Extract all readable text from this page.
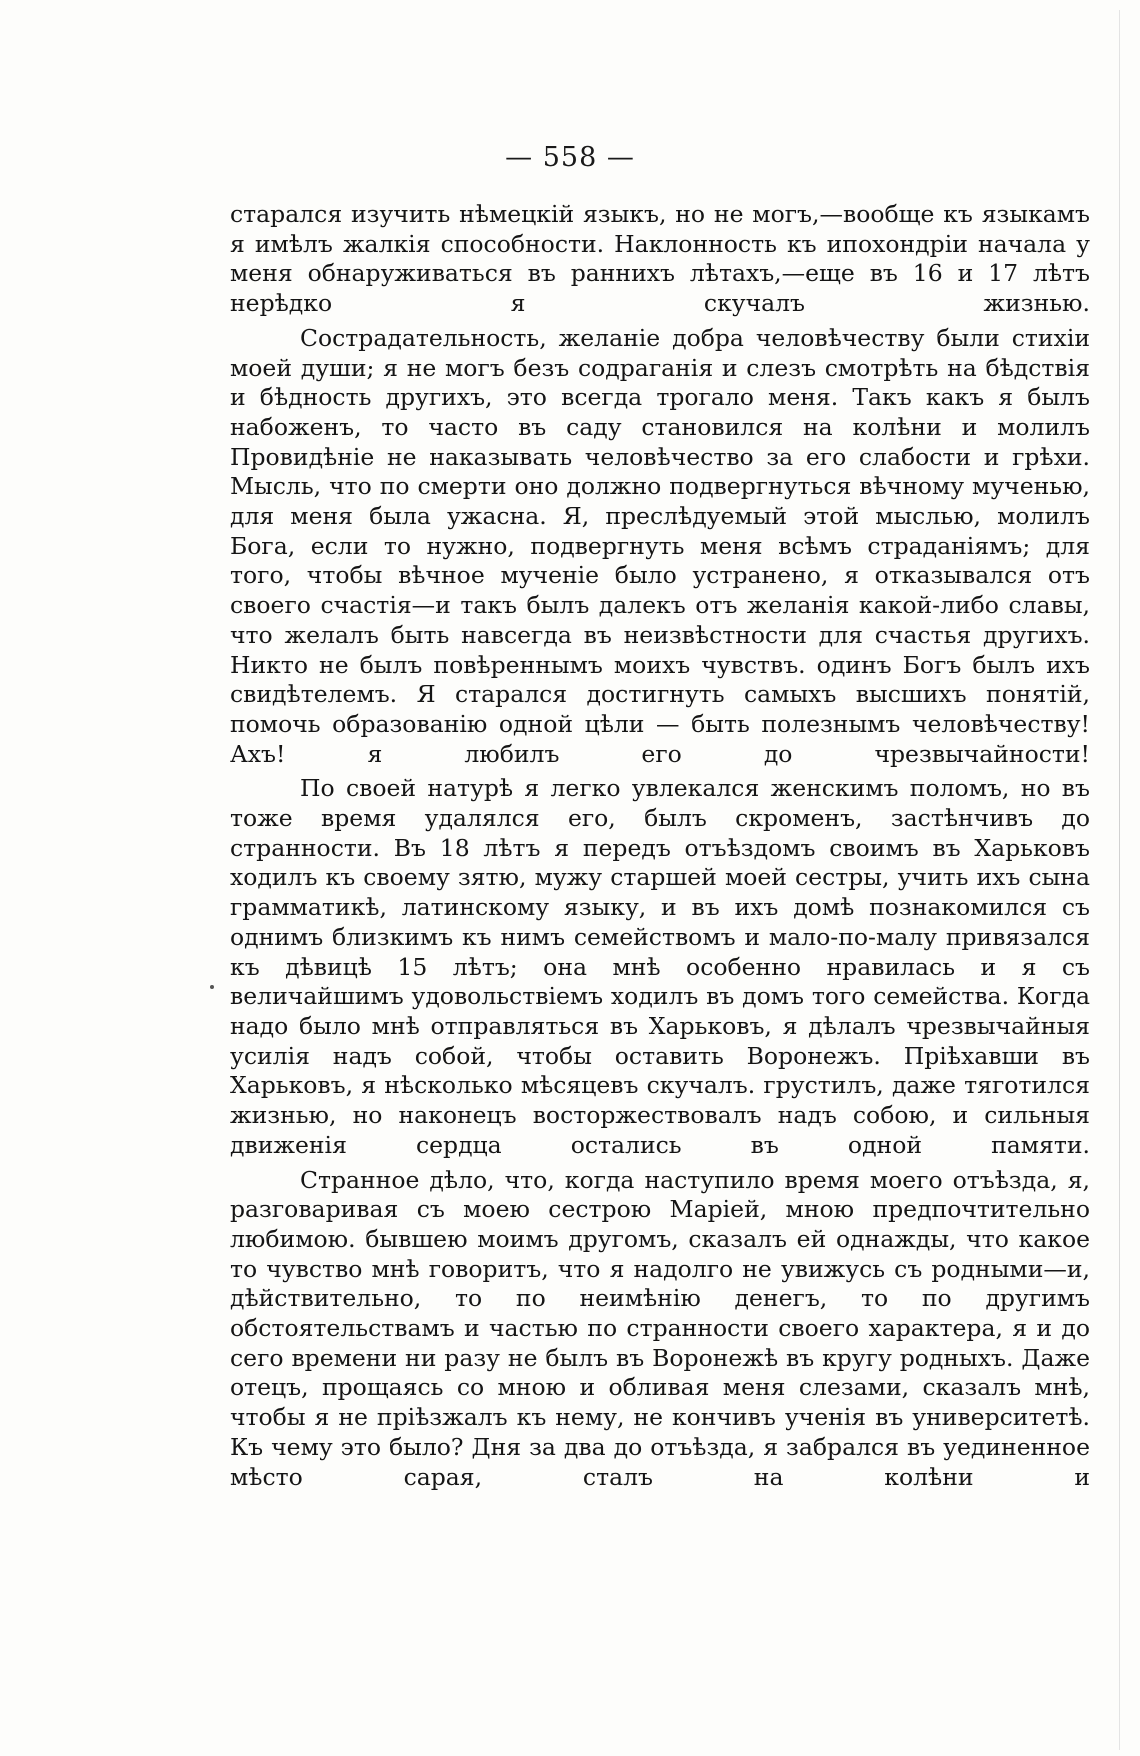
— 558 —

старался изучить нѣмецкій языкъ, но не могъ,—вообще къ языкамъ я имѣлъ жалкія способности. Наклонность къ ипохондріи начала у меня обнаруживаться въ раннихъ лѣтахъ,—еще въ 16 и 17 лѣтъ нерѣдко я скучалъ жизнью.

Сострадательность, желаніе добра человѣчеству были стихіи моей души; я не могъ безъ содраганія и слезъ смотрѣть на бѣдствія и бѣдность другихъ, это всегда трогало меня. Такъ какъ я былъ набоженъ, то часто въ саду становился на колѣни и молилъ Провидѣніе не наказывать человѣчество за его слабости и грѣхи. Мысль, что по смерти оно должно подвергнуться вѣчному мученью, для меня была ужасна. Я, преслѣдуемый этой мыслью, молилъ Бога, если то нужно, подвергнуть меня всѣмъ страданіямъ; для того, чтобы вѣчное мученіе было устранено, я отказывался отъ своего счастія—и такъ былъ далекъ отъ желанія какой-либо славы, что желалъ быть навсегда въ неизвѣстности для счастья другихъ. Никто не былъ повѣреннымъ моихъ чувствъ. одинъ Богъ былъ ихъ свидѣтелемъ. Я старался достигнуть самыхъ высшихъ понятій, помочь образованію одной цѣли — быть полезнымъ человѣчеству! Ахъ! я любилъ его до чрезвычайности!

По своей натурѣ я легко увлекался женскимъ поломъ, но въ тоже время удалялся его, былъ скроменъ, застѣнчивъ до странности. Въ 18 лѣтъ я передъ отъѣздомъ своимъ въ Харьковъ ходилъ къ своему зятю, мужу старшей моей сестры, учить ихъ сына грамматикѣ, латинскому языку, и въ ихъ домѣ познакомился съ однимъ близкимъ къ нимъ семействомъ и мало-по-малу привязался къ дѣвицѣ 15 лѣтъ; она мнѣ особенно нравилась и я съ величайшимъ удовольствіемъ ходилъ въ домъ того семейства. Когда надо было мнѣ отправляться въ Харьковъ, я дѣлалъ чрезвычайныя усилія надъ собой, чтобы оставить Воронежъ. Пріѣхавши въ Харьковъ, я нѣсколько мѣсяцевъ скучалъ. грустилъ, даже тяготился жизнью, но наконецъ восторжествовалъ надъ собою, и сильныя движенія сердца остались въ одной памяти.

Странное дѣло, что, когда наступило время моего отъѣзда, я, разговаривая съ моею сестрою Маріей, мною предпочтительно любимою. бывшею моимъ другомъ, сказалъ ей однажды, что какое то чувство мнѣ говоритъ, что я надолго не увижусь съ родными—и, дѣйствительно, то по неимѣнію денегъ, то по другимъ обстоятельствамъ и частью по странности своего характера, я и до сего времени ни разу не былъ въ Воронежѣ въ кругу родныхъ. Даже отецъ, прощаясь со мною и обливая меня слезами, сказалъ мнѣ, чтобы я не пріѣзжалъ къ нему, не кончивъ ученія въ университетѣ. Къ чему это было? Дня за два до отъѣзда, я забрался въ уединенное мѣсто сарая, сталъ на колѣни и
